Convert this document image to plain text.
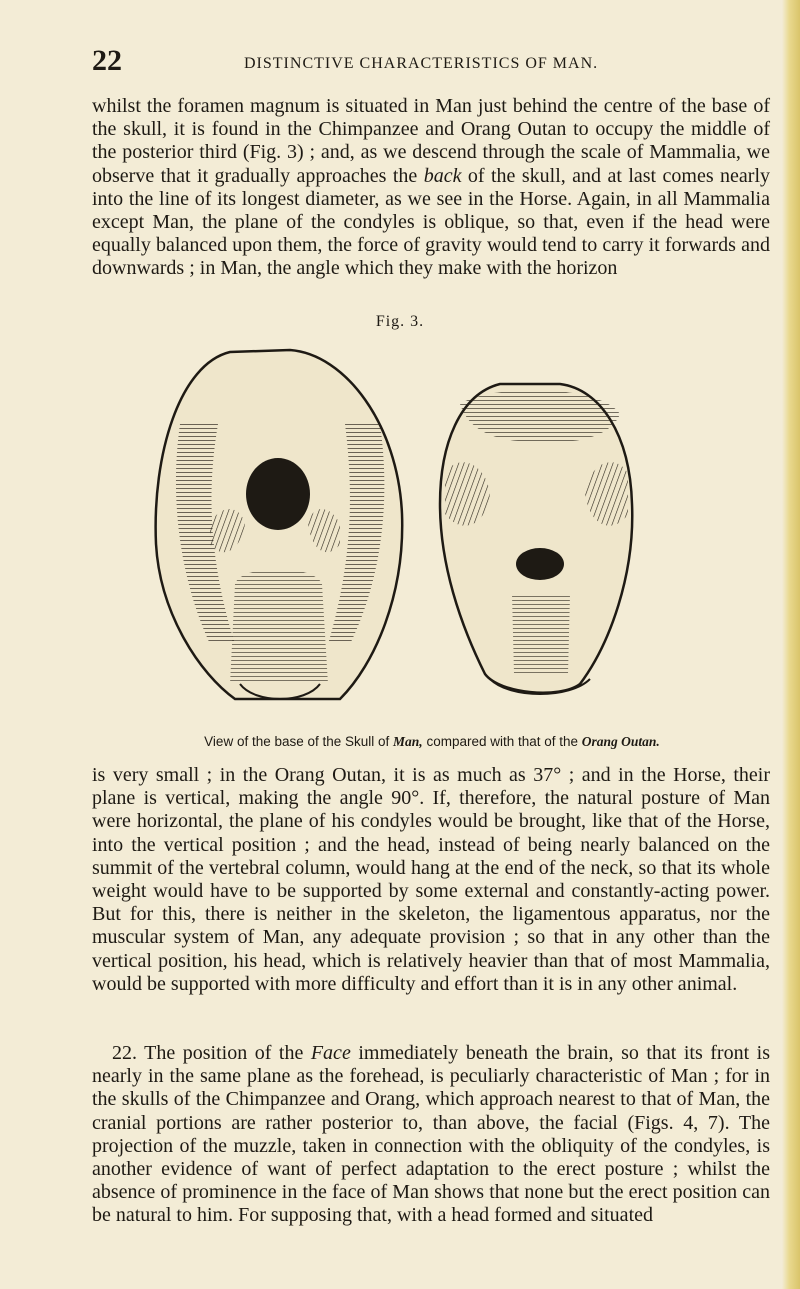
22	DISTINCTIVE CHARACTERISTICS OF MAN.

whilst the foramen magnum is situated in Man just behind the centre of the base of the skull, it is found in the Chimpanzee and Orang Outan to occupy the middle of the posterior third (Fig. 3) ; and, as we descend through the scale of Mammalia, we observe that it gradually approaches the back of the skull, and at last comes nearly into the line of its longest diameter, as we see in the Horse. Again, in all Mammalia except Man, the plane of the condyles is oblique, so that, even if the head were equally balanced upon them, the force of gravity would tend to carry it forwards and downwards ; in Man, the angle which they make with the horizon

Fig. 3.
View of the base of the Skull of Man, compared with that of the Orang Outan.

is very small ; in the Orang Outan, it is as much as 37° ; and in the Horse, their plane is vertical, making the angle 90°. If, therefore, the natural posture of Man were horizontal, the plane of his condyles would be brought, like that of the Horse, into the vertical position ; and the head, instead of being nearly balanced on the summit of the vertebral column, would hang at the end of the neck, so that its whole weight would have to be supported by some external and constantly-acting power. But for this, there is neither in the skeleton, the ligamentous apparatus, nor the muscular system of Man, any adequate provision ; so that in any other than the vertical position, his head, which is relatively heavier than that of most Mammalia, would be supported with more difficulty and effort than it is in any other animal.

22. The position of the Face immediately beneath the brain, so that its front is nearly in the same plane as the forehead, is peculiarly characteristic of Man ; for in the skulls of the Chimpanzee and Orang, which approach nearest to that of Man, the cranial portions are rather posterior to, than above, the facial (Figs. 4, 7). The projection of the muzzle, taken in connection with the obliquity of the condyles, is another evidence of want of perfect adaptation to the erect posture ; whilst the absence of prominence in the face of Man shows that none but the erect position can be natural to him. For supposing that, with a head formed and situated
